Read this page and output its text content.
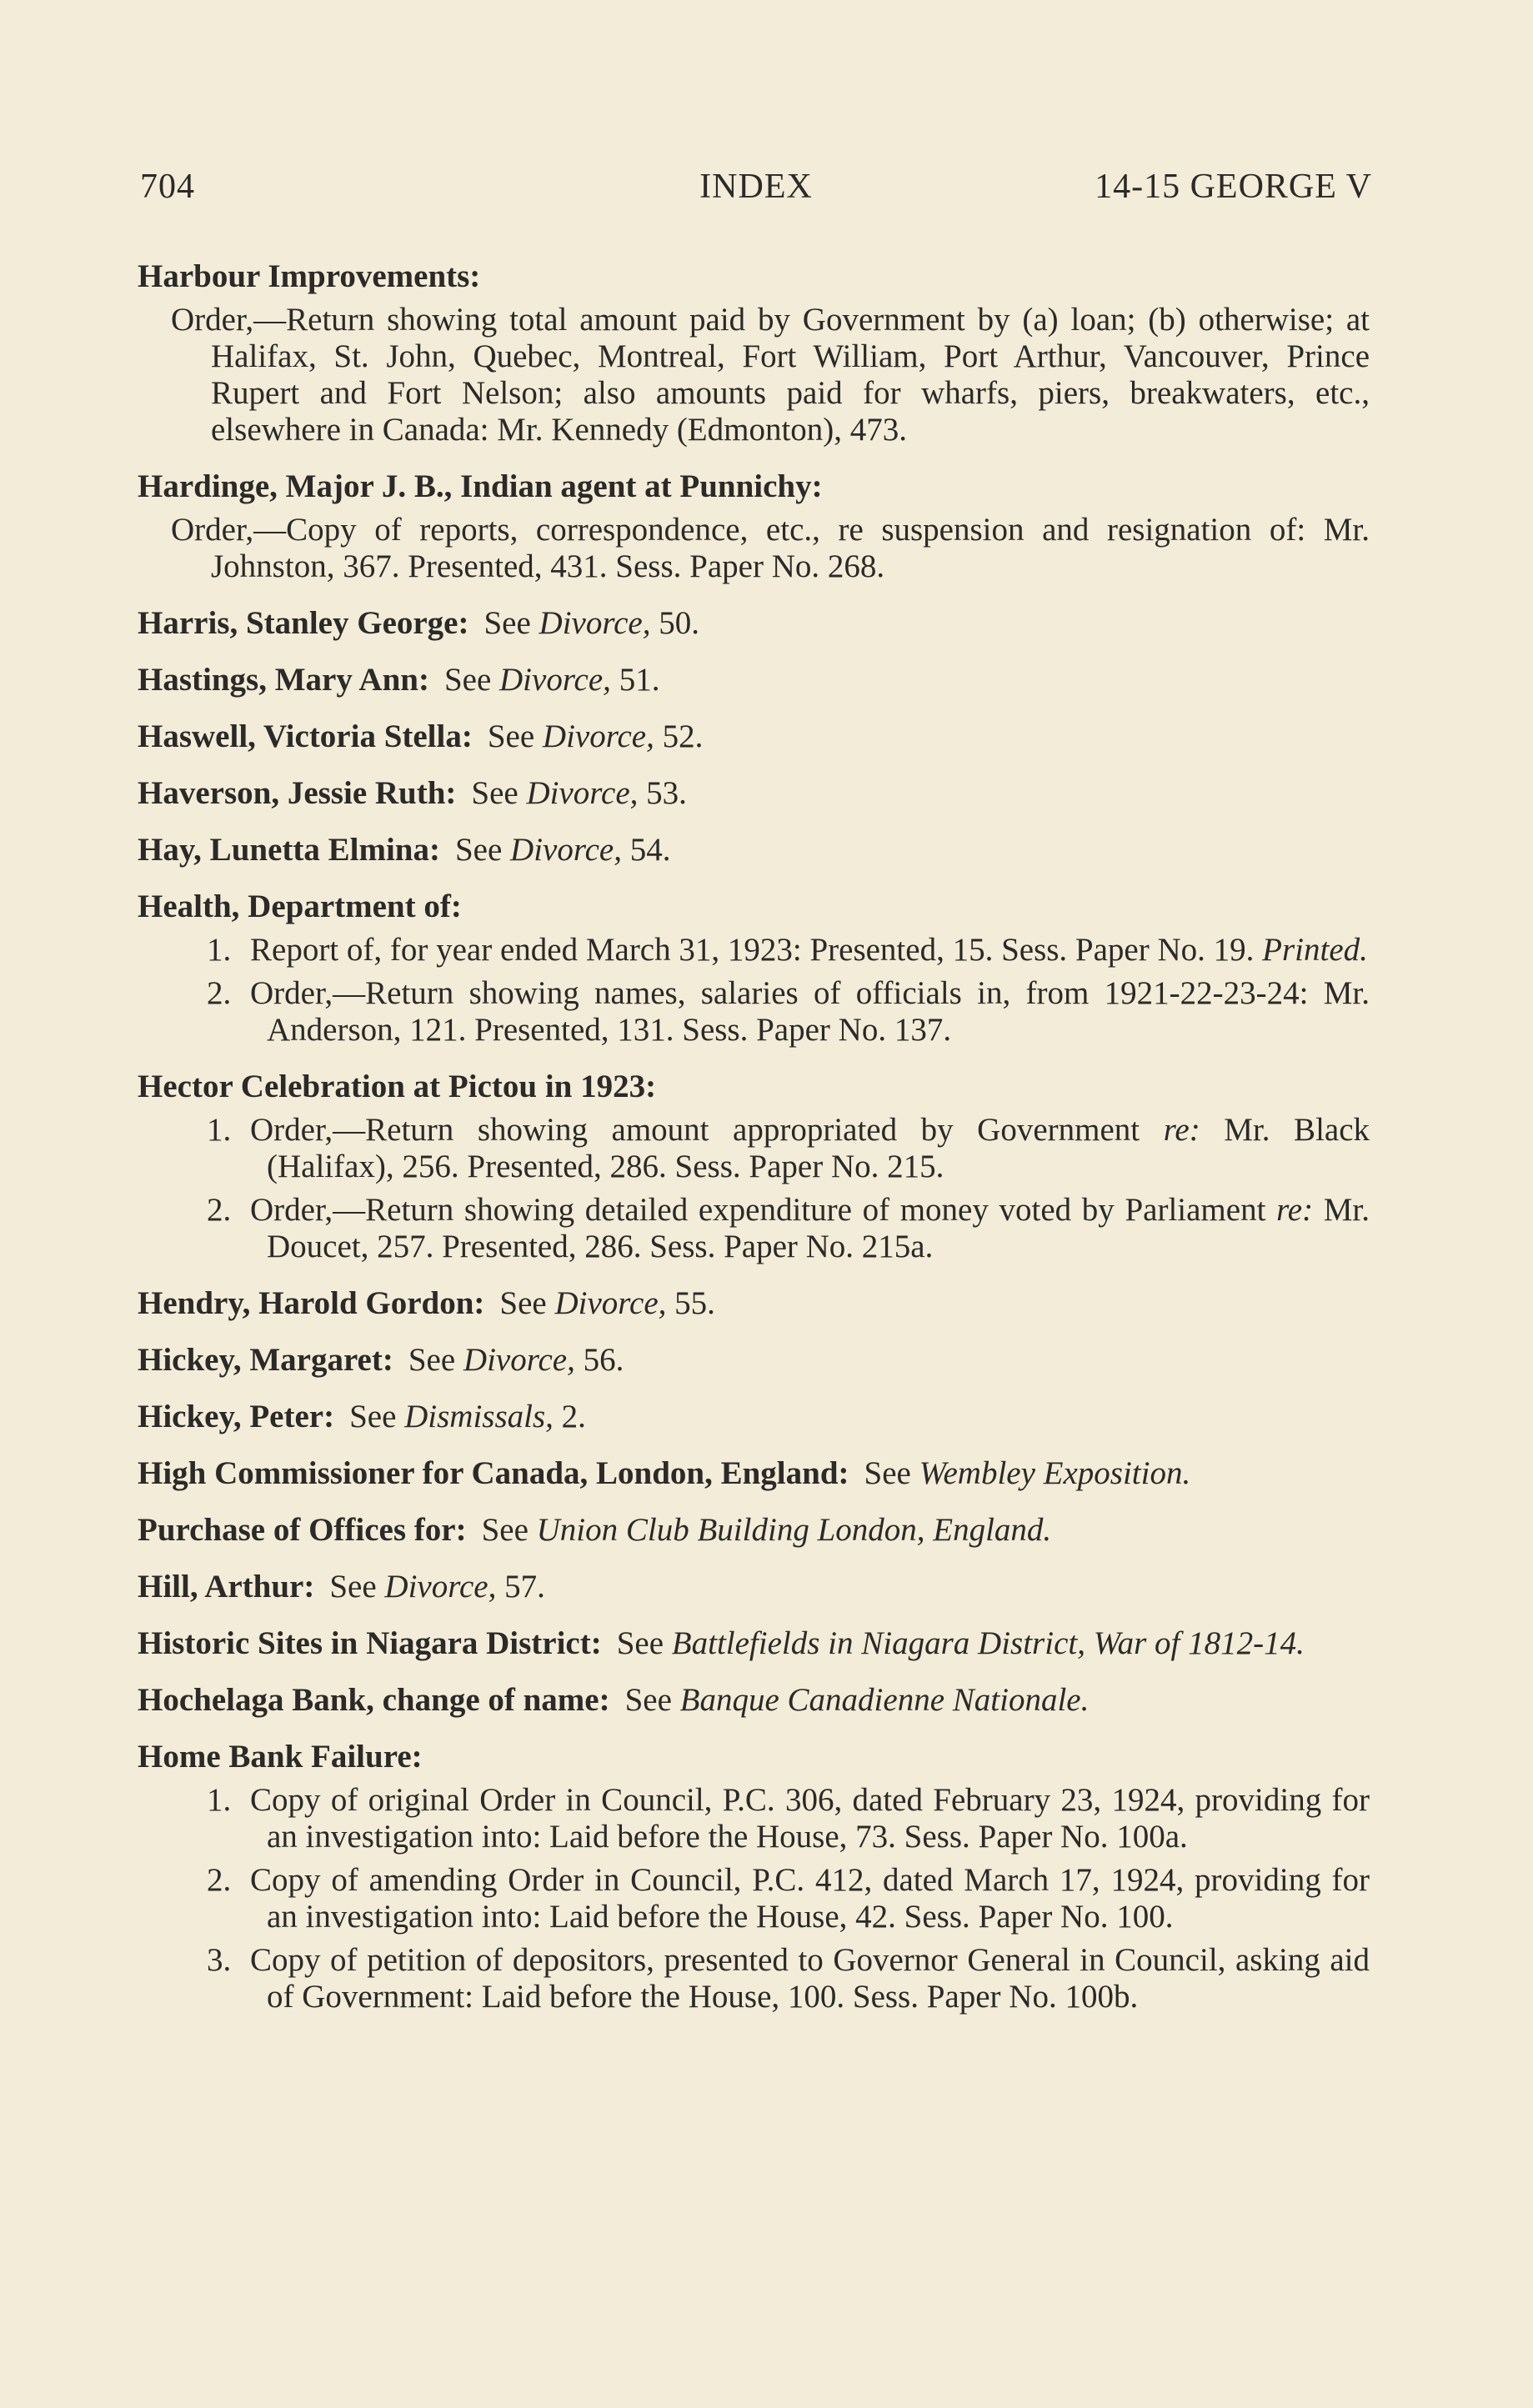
704	INDEX	14-15 GEORGE V
Harbour Improvements:
Order,—Return showing total amount paid by Government by (a) loan; (b) otherwise; at Halifax, St. John, Quebec, Montreal, Fort William, Port Arthur, Vancouver, Prince Rupert and Fort Nelson; also amounts paid for wharfs, piers, breakwaters, etc., elsewhere in Canada: Mr. Kennedy (Edmonton), 473.
Hardinge, Major J. B., Indian agent at Punnichy:
Order,—Copy of reports, correspondence, etc., re suspension and resignation of: Mr. Johnston, 367. Presented, 431. Sess. Paper No. 268.
Harris, Stanley George: See Divorce, 50.
Hastings, Mary Ann: See Divorce, 51.
Haswell, Victoria Stella: See Divorce, 52.
Haverson, Jessie Ruth: See Divorce, 53.
Hay, Lunetta Elmina: See Divorce, 54.
Health, Department of:
1. Report of, for year ended March 31, 1923: Presented, 15. Sess. Paper No. 19. Printed.
2. Order,—Return showing names, salaries of officials in, from 1921-22-23-24: Mr. Anderson, 121. Presented, 131. Sess. Paper No. 137.
Hector Celebration at Pictou in 1923:
1. Order,—Return showing amount appropriated by Government re: Mr. Black (Halifax), 256. Presented, 286. Sess. Paper No. 215.
2. Order,—Return showing detailed expenditure of money voted by Parliament re: Mr. Doucet, 257. Presented, 286. Sess. Paper No. 215a.
Hendry, Harold Gordon: See Divorce, 55.
Hickey, Margaret: See Divorce, 56.
Hickey, Peter: See Dismissals, 2.
High Commissioner for Canada, London, England: See Wembley Exposition.
Purchase of Offices for: See Union Club Building London, England.
Hill, Arthur: See Divorce, 57.
Historic Sites in Niagara District: See Battlefields in Niagara District, War of 1812-14.
Hochelaga Bank, change of name: See Banque Canadienne Nationale.
Home Bank Failure:
1. Copy of original Order in Council, P.C. 306, dated February 23, 1924, providing for an investigation into: Laid before the House, 73. Sess. Paper No. 100a.
2. Copy of amending Order in Council, P.C. 412, dated March 17, 1924, providing for an investigation into: Laid before the House, 42. Sess. Paper No. 100.
3. Copy of petition of depositors, presented to Governor General in Council, asking aid of Government: Laid before the House, 100. Sess. Paper No. 100b.
